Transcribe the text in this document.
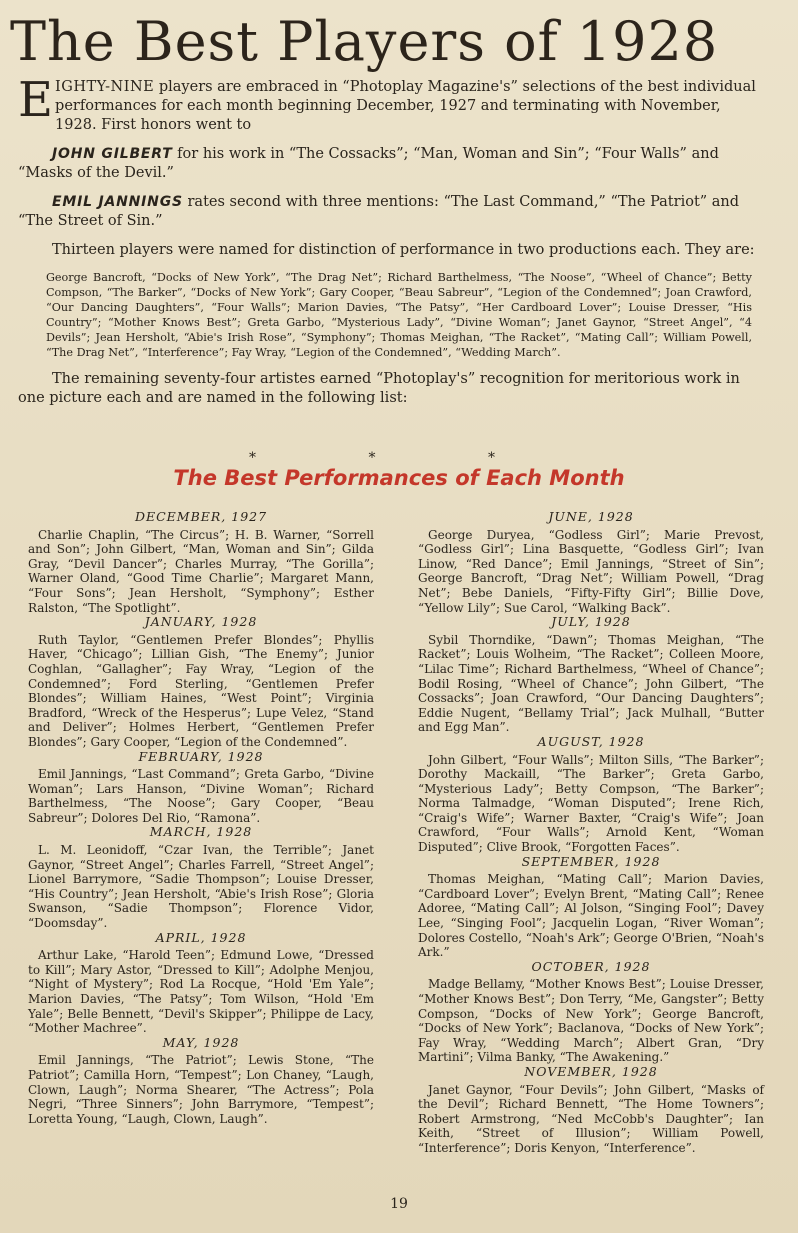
The Best Players of 1928

EIGHTY-NINE players are embraced in “Photoplay Magazine's” selections of the best individual performances for each month beginning December, 1927 and terminating with November, 1928. First honors went to

JOHN GILBERT for his work in “The Cossacks”; “Man, Woman and Sin”; “Four Walls” and “Masks of the Devil.”

EMIL JANNINGS rates second with three mentions: “The Last Command,” “The Patriot” and “The Street of Sin.”

Thirteen players were named for distinction of performance in two productions each. They are:

George Bancroft, “Docks of New York”, “The Drag Net”; Richard Barthelmess, “The Noose”, “Wheel of Chance”; Betty Compson, “The Barker”, “Docks of New York”; Gary Cooper, “Beau Sabreur”, “Legion of the Condemned”; Joan Crawford, “Our Dancing Daughters”, “Four Walls”; Marion Davies, “The Patsy”, “Her Cardboard Lover”; Louise Dresser, “His Country”; “Mother Knows Best”; Greta Garbo, “Mysterious Lady”, “Divine Woman”; Janet Gaynor, “Street Angel”, “4 Devils”; Jean Hersholt, “Abie's Irish Rose”, “Symphony”; Thomas Meighan, “The Racket”, “Mating Call”; William Powell, “The Drag Net”, “Interference”; Fay Wray, “Legion of the Condemned”, “Wedding March”.

The remaining seventy-four artistes earned “Photoplay's” recognition for meritorious work in one picture each and are named in the following list:

* * *
The Best Performances of Each Month
DECEMBER, 1927

Charlie Chaplin, “The Circus”; H. B. Warner, “Sorrell and Son”; John Gilbert, “Man, Woman and Sin”; Gilda Gray, “Devil Dancer”; Charles Murray, “The Gorilla”; Warner Oland, “Good Time Charlie”; Margaret Mann, “Four Sons”; Jean Hersholt, “Symphony”; Esther Ralston, “The Spotlight”.

JANUARY, 1928

Ruth Taylor, “Gentlemen Prefer Blondes”; Phyllis Haver, “Chicago”; Lillian Gish, “The Enemy”; Junior Coghlan, “Gallagher”; Fay Wray, “Legion of the Condemned”; Ford Sterling, “Gentlemen Prefer Blondes”; William Haines, “West Point”; Virginia Bradford, “Wreck of the Hesperus”; Lupe Velez, “Stand and Deliver”; Holmes Herbert, “Gentlemen Prefer Blondes”; Gary Cooper, “Legion of the Condemned”.

FEBRUARY, 1928

Emil Jannings, “Last Command”; Greta Garbo, “Divine Woman”; Lars Hanson, “Divine Woman”; Richard Barthelmess, “The Noose”; Gary Cooper, “Beau Sabreur”; Dolores Del Rio, “Ramona”.

MARCH, 1928

L. M. Leonidoff, “Czar Ivan, the Terrible”; Janet Gaynor, “Street Angel”; Charles Farrell, “Street Angel”; Lionel Barrymore, “Sadie Thompson”; Louise Dresser, “His Country”; Jean Hersholt, “Abie's Irish Rose”; Gloria Swanson, “Sadie Thompson”; Florence Vidor, “Doomsday”.

APRIL, 1928

Arthur Lake, “Harold Teen”; Edmund Lowe, “Dressed to Kill”; Mary Astor, “Dressed to Kill”; Adolphe Menjou, “Night of Mystery”; Rod La Rocque, “Hold 'Em Yale”; Marion Davies, “The Patsy”; Tom Wilson, “Hold 'Em Yale”; Belle Bennett, “Devil's Skipper”; Philippe de Lacy, “Mother Machree”.

MAY, 1928

Emil Jannings, “The Patriot”; Lewis Stone, “The Patriot”; Camilla Horn, “Tempest”; Lon Chaney, “Laugh, Clown, Laugh”; Norma Shearer, “The Actress”; Pola Negri, “Three Sinners”; John Barrymore, “Tempest”; Loretta Young, “Laugh, Clown, Laugh”.

JUNE, 1928

George Duryea, “Godless Girl”; Marie Prevost, “Godless Girl”; Lina Basquette, “Godless Girl”; Ivan Linow, “Red Dance”; Emil Jannings, “Street of Sin”; George Bancroft, “Drag Net”; William Powell, “Drag Net”; Bebe Daniels, “Fifty-Fifty Girl”; Billie Dove, “Yellow Lily”; Sue Carol, “Walking Back”.

JULY, 1928

Sybil Thorndike, “Dawn”; Thomas Meighan, “The Racket”; Louis Wolheim, “The Racket”; Colleen Moore, “Lilac Time”; Richard Barthelmess, “Wheel of Chance”; Bodil Rosing, “Wheel of Chance”; John Gilbert, “The Cossacks”; Joan Crawford, “Our Dancing Daughters”; Eddie Nugent, “Bellamy Trial”; Jack Mulhall, “Butter and Egg Man”.

AUGUST, 1928

John Gilbert, “Four Walls”; Milton Sills, “The Barker”; Dorothy Mackaill, “The Barker”; Greta Garbo, “Mysterious Lady”; Betty Compson, “The Barker”; Norma Talmadge, “Woman Disputed”; Irene Rich, “Craig's Wife”; Warner Baxter, “Craig's Wife”; Joan Crawford, “Four Walls”; Arnold Kent, “Woman Disputed”; Clive Brook, “Forgotten Faces”.

SEPTEMBER, 1928

Thomas Meighan, “Mating Call”; Marion Davies, “Cardboard Lover”; Evelyn Brent, “Mating Call”; Renee Adoree, “Mating Call”; Al Jolson, “Singing Fool”; Davey Lee, “Singing Fool”; Jacquelin Logan, “River Woman”; Dolores Costello, “Noah's Ark”; George O'Brien, “Noah's Ark.”

OCTOBER, 1928

Madge Bellamy, “Mother Knows Best”; Louise Dresser, “Mother Knows Best”; Don Terry, “Me, Gangster”; Betty Compson, “Docks of New York”; George Bancroft, “Docks of New York”; Baclanova, “Docks of New York”; Fay Wray, “Wedding March”; Albert Gran, “Dry Martini”; Vilma Banky, “The Awakening.”

NOVEMBER, 1928

Janet Gaynor, “Four Devils”; John Gilbert, “Masks of the Devil”; Richard Bennett, “The Home Towners”; Robert Armstrong, “Ned McCobb's Daughter”; Ian Keith, “Street of Illusion”; William Powell, “Interference”; Doris Kenyon, “Interference”.

19
